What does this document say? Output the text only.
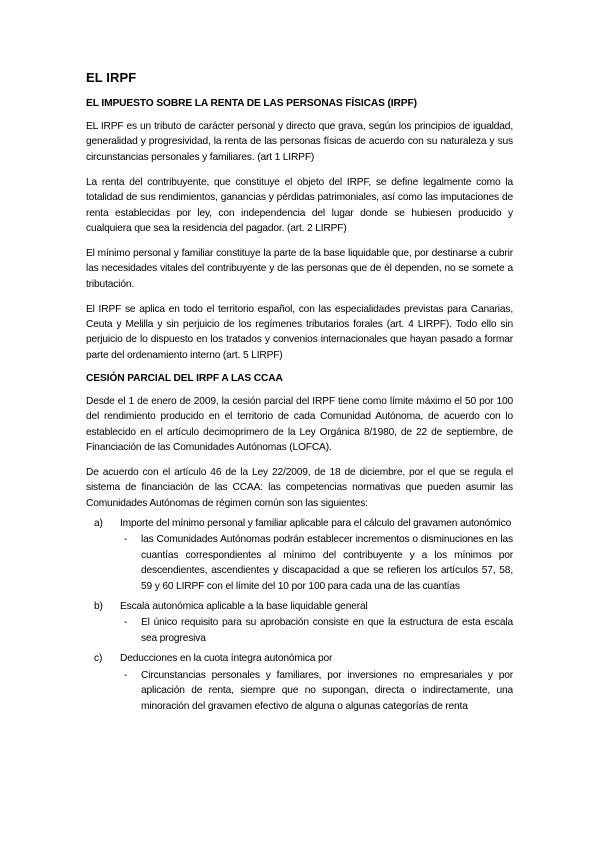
EL IRPF
EL IMPUESTO SOBRE LA RENTA DE LAS PERSONAS FÍSICAS (IRPF)

EL IRPF es un tributo de carácter personal y directo que grava, según los principios de igualdad, generalidad y progresividad, la renta de las personas físicas de acuerdo con su naturaleza y sus circunstancias personales y familiares. (art 1 LIRPF)

La renta del contribuyente, que constituye el objeto del IRPF, se define legalmente como la totalidad de sus rendimientos, ganancias y pérdidas patrimoniales, así como las imputaciones de renta establecidas por ley, con independencia del lugar donde se hubiesen producido y cualquiera que sea la residencia del pagador. (art. 2 LIRPF)

El mínimo personal y familiar constituye la parte de la base liquidable que, por destinarse a cubrir las necesidades vitales del contribuyente y de las personas que de él dependen, no se somete a tributación.

El IRPF se aplica en todo el territorio español, con las especialidades previstas para Canarias, Ceuta y Melilla y sin perjuicio de los regímenes tributarios forales (art. 4 LIRPF). Todo ello sin perjuicio de lo dispuesto en los tratados y convenios internacionales que hayan pasado a formar parte del ordenamiento interno (art. 5 LIRPF)

CESIÓN PARCIAL DEL IRPF A LAS CCAA

Desde el 1 de enero de 2009, la cesión parcial del IRPF tiene como límite máximo el 50 por 100 del rendimiento producido en el territorio de cada Comunidad Autónoma, de acuerdo con lo establecido en el artículo decimoprimero de la Ley Orgánica 8/1980, de 22 de septiembre, de Financiación de las Comunidades Autónomas (LOFCA).

De acuerdo con el artículo 46 de la Ley 22/2009, de 18 de diciembre, por el que se regula el sistema de financiación de las CCAA: las competencias normativas que pueden asumir las Comunidades Autónomas de régimen común son las siguientes:

a) Importe del mínimo personal y familiar aplicable para el cálculo del gravamen autonómico
- las Comunidades Autónomas podrán establecer incrementos o disminuciones en las cuantías correspondientes al mínimo del contribuyente y a los mínimos por descendientes, ascendientes y discapacidad a que se refieren los artículos 57, 58, 59 y 60 LIRPF con el límite del 10 por 100 para cada una de las cuantías
b) Escala autonómica aplicable a la base liquidable general
- El único requisito para su aprobación consiste en que la estructura de esta escala sea progresiva
c) Deducciones en la cuota íntegra autonómica por
- Circunstancias personales y familiares, por inversiones no empresariales y por aplicación de renta, siempre que no supongan, directa o indirectamente, una minoración del gravamen efectivo de alguna o algunas categorías de renta
